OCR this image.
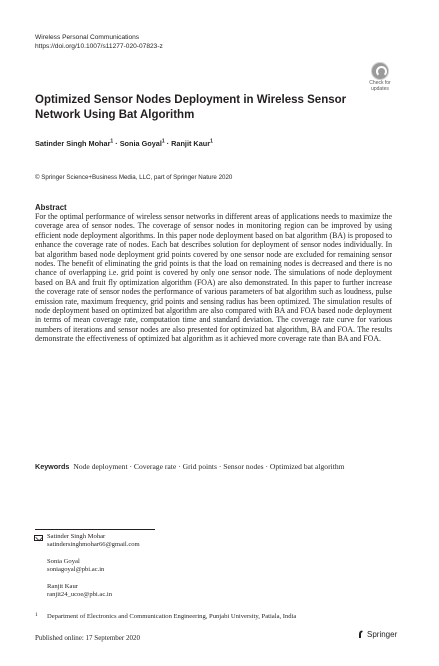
Wireless Personal Communications
https://doi.org/10.1007/s11277-020-07823-z
Check for
updates
Optimized Sensor Nodes Deployment in Wireless Sensor Network Using Bat Algorithm
Satinder Singh Mohar$^1$ · Sonia Goyal$^1$ · Ranjit Kaur$^1$
© Springer Science+Business Media, LLC, part of Springer Nature 2020
Abstract
For the optimal performance of wireless sensor networks in different areas of applications needs to maximize the coverage area of sensor nodes. The coverage of sensor nodes in monitoring region can be improved by using efficient node deployment algorithms. In this paper node deployment based on bat algorithm (BA) is proposed to enhance the coverage rate of nodes. Each bat describes solution for deployment of sensor nodes individually. In bat algorithm based node deployment grid points covered by one sensor node are excluded for remaining sensor nodes. The benefit of eliminating the grid points is that the load on remaining nodes is decreased and there is no chance of overlapping i.e. grid point is covered by only one sensor node. The simulations of node deployment based on BA and fruit fly optimization algorithm (FOA) are also demonstrated. In this paper to further increase the coverage rate of sensor nodes the performance of various parameters of bat algorithm such as loudness, pulse emission rate, maximum frequency, grid points and sensing radius has been optimized. The simulation results of node deployment based on optimized bat algorithm are also compared with BA and FOA based node deployment in terms of mean coverage rate, computation time and standard deviation. The coverage rate curve for various numbers of iterations and sensor nodes are also presented for optimized bat algorithm, BA and FOA. The results demonstrate the effectiveness of optimized bat algorithm as it achieved more coverage rate than BA and FOA.
Keywords Node deployment · Coverage rate · Grid points · Sensor nodes · Optimized bat algorithm
Satinder Singh Mohar
satindersinghmohar66@gmail.com
Sonia Goyal
soniagoyal@pbi.ac.in
Ranjit Kaur
ranjit24_ucoe@pbi.ac.in
1 Department of Electronics and Communication Engineering, Punjabi University, Patiala, India
Published online: 17 September 2020	Springer
